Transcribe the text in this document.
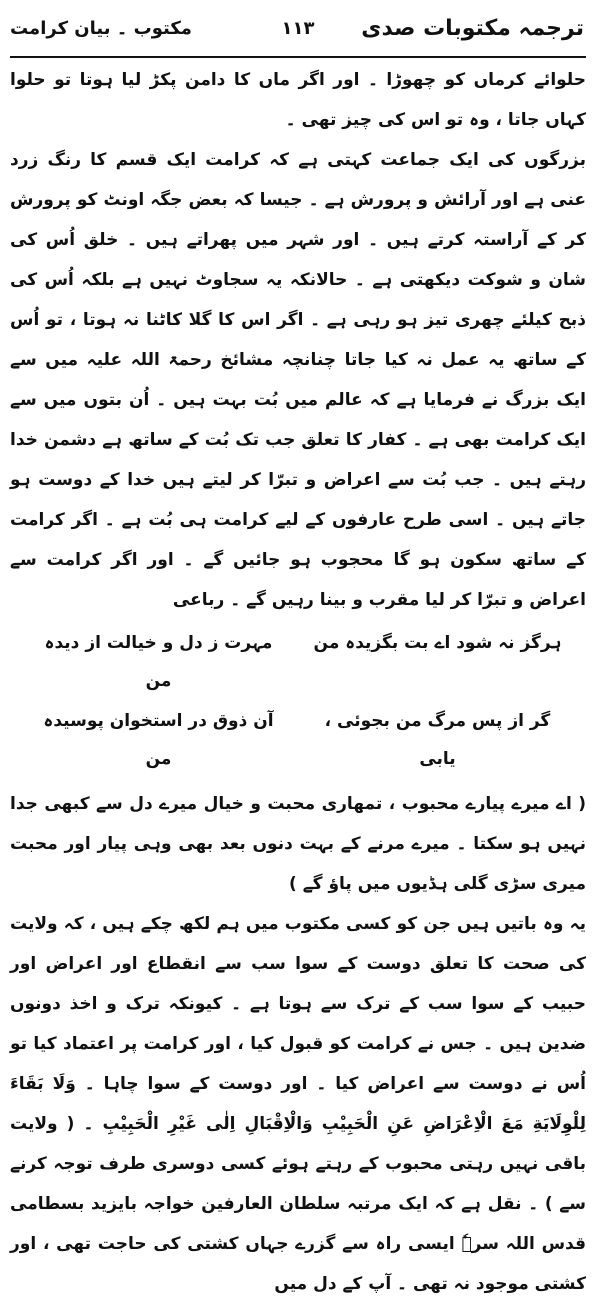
ترجمہ مکتوبات صدی
۱۱۳
مکتوب ۔ بیان کرامت

حلوائے کرماں کو چھوڑا ۔ اور اگر ماں کا دامن پکڑ لیا ہوتا تو حلوا کہاں جاتا ، وہ تو اس کی چیز تھی ۔

بزرگوں کی ایک جماعت کہتی ہے کہ کرامت ایک قسم کا رنگ زرد عنی ہے اور آرائش و پرورش ہے ۔ جیسا کہ بعض جگہ اونٹ کو پرورش کر کے آراستہ کرتے ہیں ۔ اور شہر میں پھراتے ہیں ۔ خلق اُس کی شان و شوکت دیکھتی ہے ۔ حالانکہ یہ سجاوٹ نہیں ہے بلکہ اُس کی ذبح کیلئے چھری تیز ہو رہی ہے ۔ اگر اس کا گلا کاٹنا نہ ہوتا ، تو اُس کے ساتھ یہ عمل نہ کیا جاتا چنانچہ مشائخ رحمۃ اللہ علیہ میں سے ایک بزرگ نے فرمایا ہے کہ عالم میں بُت بہت ہیں ۔ اُن بتوں میں سے ایک کرامت بھی ہے ۔ کفار کا تعلق جب تک بُت کے ساتھ ہے دشمن خدا رہتے ہیں ۔ جب بُت سے اعراض و تبرّا کر لیتے ہیں خدا کے دوست ہو جاتے ہیں ۔ اسی طرح عارفوں کے لیے کرامت ہی بُت ہے ۔ اگر کرامت کے ساتھ سکون ہو گا محجوب ہو جائیں گے ۔ اور اگر کرامت سے اعراض و تبرّا کر لیا مقرب و بینا رہیں گے ۔ رباعی

ہرگز نہ شود اے بت بگزیدہ من
مہرت ز دل و خیالت از دیدہ من
گر از پس مرگ من بجوئی ، یابی
آن ذوق در استخوان پوسیدہ من

( اے میرے پیارے محبوب ، تمھاری محبت و خیال میرے دل سے کبھی جدا نہیں ہو سکتا ۔ میرے مرنے کے بہت دنوں بعد بھی وہی پیار اور محبت میری سڑی گلی ہڈیوں میں پاؤ گے )

یہ وہ باتیں ہیں جن کو کسی مکتوب میں ہم لکھ چکے ہیں ، کہ ولایت کی صحت کا تعلق دوست کے سوا سب سے انقطاع اور اعراض اور حبیب کے سوا سب کے ترک سے ہوتا ہے ۔ کیونکہ ترک و اخذ دونوں ضدین ہیں ۔ جس نے کرامت کو قبول کیا ، اور کرامت پر اعتماد کیا تو اُس نے دوست سے اعراض کیا ۔ اور دوست کے سوا چاہا ۔ وَلَا بَقَاءَ لِلْوِلَايَةِ مَعَ الْاِعْرَاضِ عَنِ الْحَبِيْبِ وَالْاِقْبَالِ اِلٰى غَيْرِ الْحَبِيْبِ ۔ ( ولایت باقی نہیں رہتی محبوب کے رہتے ہوئے کسی دوسری طرف توجہ کرنے سے ) ۔ نقل ہے کہ ایک مرتبہ سلطان العارفین خواجہ بایزید بسطامی قدس اللہ سرہٗ ایسی راہ سے گزرے جہاں کشتی کی حاجت تھی ، اور کشتی موجود نہ تھی ۔ آپ کے دل میں
